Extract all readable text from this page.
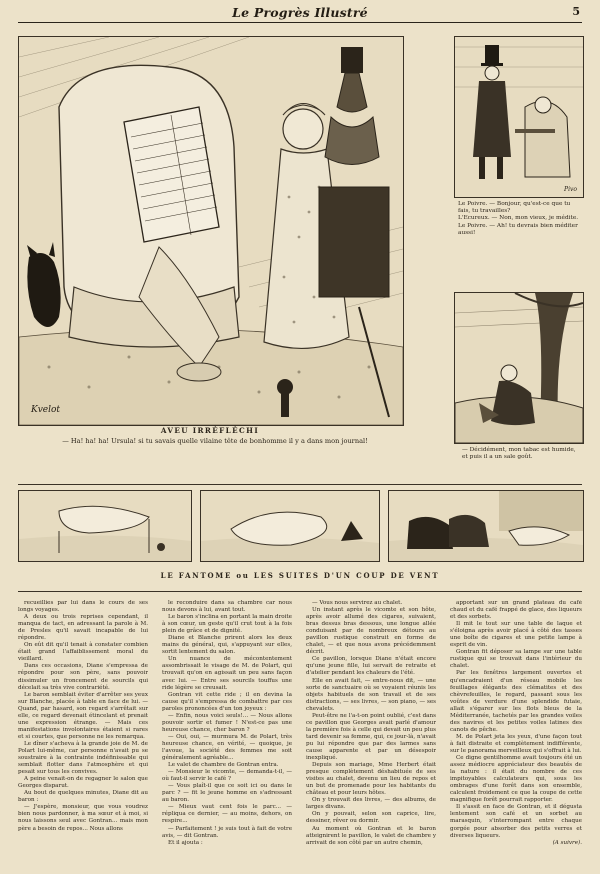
Le Progrès Illustré	5
Kvelot
AVEU IRRÉFLÉCHI
— Ha! ha! ha! Ursula! si tu savais quelle vilaine tête de bonhomme il y a dans mon journal!
Pivo
Le Poivre. — Bonjour, qu'est-ce que tu fais, tu travailles?
L'Ecureux. — Non, mon vieux, je médite.
Le Poivre. — Ah! tu devrais bien méditer aussi!
— Décidément, mon tabac est humide, et puis il a un sale goût.
LE FANTOME ou LES SUITES D'UN COUP DE VENT

recueillies par lui dans le cours de ses longs voyages.

A deux ou trois reprises cependant, il manqua de tact, en adressant la parole à M. de Presles qu'il savait incapable de lui répondre.

On eût dit qu'il tenait à constater combien était grand l'affaiblissement moral du vieillard.

Dans ces occasions, Diane s'empressa de répondre pour son père, sans pouvoir dissimuler un froncement de sourcils qui décelait sa très vive contrariété.

Le baron semblait éviter d'arrêter ses yeux sur Blanche, placée à table en face de lui. — Quand, par hasard, son regard s'arrêtait sur elle, ce regard devenait étincelant et prenait une expression étrange. — Mais ces manifestations involontaires étaient si rares et si courtes, que personne ne les remarqua.

Le dîner s'acheva à la grande joie de M. de Polart lui-même, car personne n'avait pu se soustraire à la contrainte indéfinissable qui semblait flotter dans l'atmosphère et qui pesait sur tous les convives.

A peine venait-on de regagner le salon que Georges disparut.

Au bout de quelques minutes, Diane dit au baron :

— J'espère, monsieur, que vous voudrez bien nous pardonner, à ma sœur et à moi, si nous laissons seul avec Gontran... mais mon père a besoin de repos... Nous allons

le reconduire dans sa chambre car nous nous devons à lui, avant tout.

Le baron s'inclina en portant la main droite à son cœur, un geste qu'il crut tout à la fois plein de grâce et de dignité.

Diane et Blanche prirent alors les deux mains du général, qui, s'appuyant sur elles, sortit lentement du salon.

Un nuance de mécontentement assombrissait le visage de M. de Polart, qui trouvait qu'on en agissait un peu sans façon avec lui. — Entre ses sourcils touffus une ride légère se creusait.

Gontran vit cette ride ; il en devina la cause qu'il s'empressa de combattre par ces paroles prononcées d'un ton joyeux :

— Enfin, nous voici seuls!... — Nous allons pouvoir sortir et fumer ! N'est-ce pas une heureuse chance, cher baron ?

— Oui, oui, — murmura M. de Polart, très heureuse chance, en vérité, — quoique, je l'avoue, la société des femmes me soit généralement agréable...

Le valet de chambre de Gontran entra.

— Monsieur le vicomte, — demanda-t-il, — où faut-il servir le café ?

— Vous plaît-il que ce soit ici ou dans le parc ? — fit le jeune homme en s'adressant au baron.

— Mieux vaut cent fois le parc... — répliqua ce dernier, — au moins, dehors, on respire...

— Parfaitement ! je suis tout à fait de votre avis, — dit Gontran.

Et il ajouta :

— Vous nous servirez au chalet.

Un instant après le vicomte et son hôte, après avoir allumé des cigares, suivaient, bras dessus bras dessous, une longue allée conduisant par de nombreux détours au pavillon rustique construit en forme de chalet, — et que nous avons précédemment décrit.

Ce pavillon, lorsque Diane n'était encore qu'une jeune fille, lui servait de retraite et d'atelier pendant les chaleurs de l'été.

Elle en avait fait, — entre-nous dit, — une sorte de sanctuaire où se voyaient réunis les objets habituels de son travail et de ses distractions, — ses livres, — son piano, — ses chevalets.

Peut-être ne l'a-t-on point oublié, c'est dans ce pavillon que Georges avait parlé d'amour la première fois à celle qui devait un peu plus tard devenir sa femme, qui, ce jour-là, n'avait pu lui répondre que par des larmes sans cause apparente et par un désespoir inexpliqué.

Depuis son mariage, Mme Herbert était presque complètement déshabituée de ses visites au chalet, devenu un lieu de repos et un but de promenade pour les habitants du château et pour leurs hôtes.

On y trouvait des livres, — des albums, de larges divans.

On y pouvait, selon son caprice, lire, dessiner, rêver ou dormir.

Au moment où Gontran et le baron atteignirent le pavillon, le valet de chambre y arrivait de son côté par un autre chemin,

apportant sur un grand plateau du café chaud et du café frappé de glace, des liqueurs et des sorbets.

Il mit le tout sur une table de laque et s'éloigna après avoir placé à côté des tasses une boîte de cigares et une petite lampe à esprit de vin.

Gontran fit déposer sa lampe sur une table rustique qui se trouvait dans l'intérieur du chalet.

Par les fenêtres largement ouvertes et qu'encadraient d'un réseau mobile les feuillages élégants des clématites et des chèvrefeuilles, le regard, passant sous les voûtes de verdure d'une splendide futaie, allait s'égarer sur les flots bleus de la Méditerranée, tachetés par les grandes voiles des navires et les petites voiles latines des canots de pêche.

M. de Polart jeta les yeux, d'une façon tout à fait distraite et complètement indifférente, sur le panorama merveilleux qui s'offrait à lui.

Ce digne gentilhomme avait toujours été un assez médiocre appréciateur des beautés de la nature : il était du nombre de ces impitoyables calculateurs qui, sous les ombrages d'une forêt dans son ensemble, calculent froidement ce que la coupe de cette magnifique forêt pourrait rapporter.

Il s'assit en face de Gontran, et il dégusta lentement son café et un sorbet au marasquin, s'interrompant entre chaque gorgée pour absorber des petits verres et diverses liqueurs.

(A suivre).
